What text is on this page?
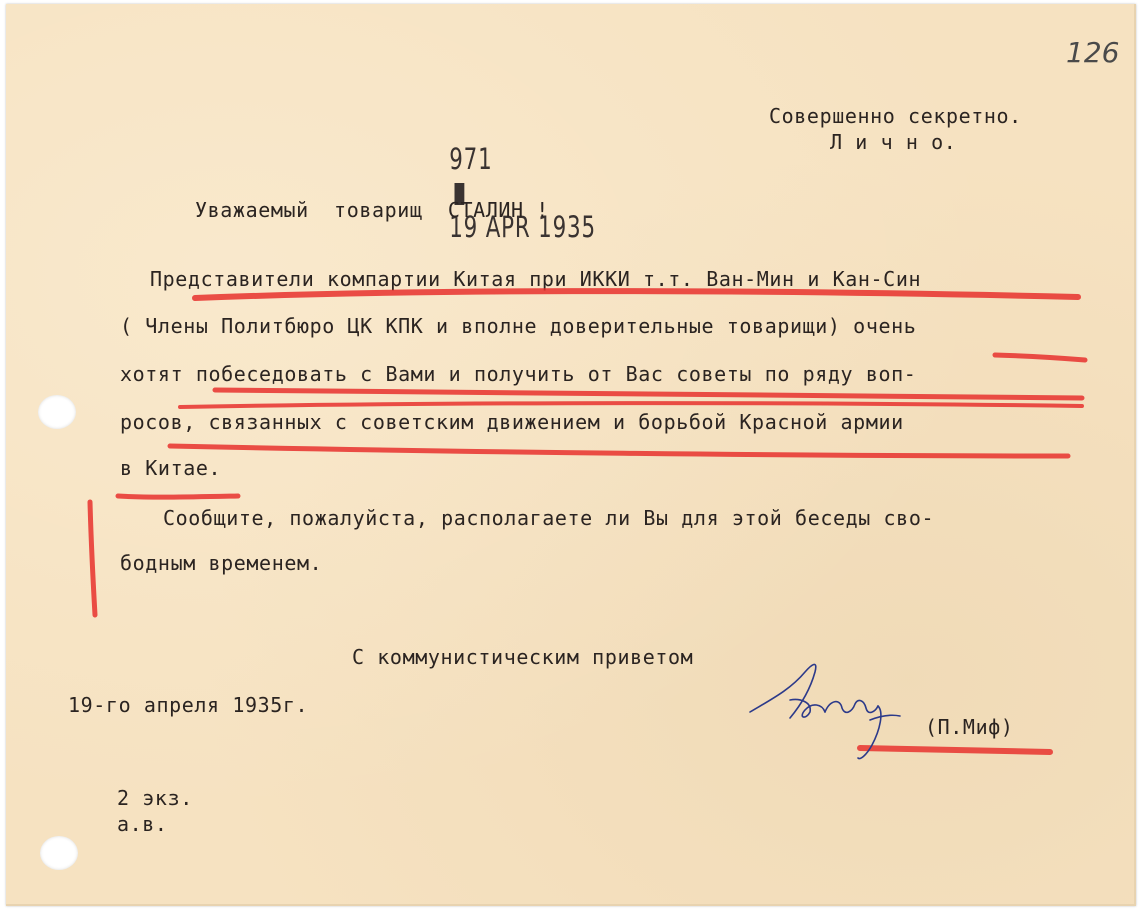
126

971

19 APR 1935

Совершенно секретно.
Л и ч н о.
Уважаемый  товарищ  СТАЛИН !
Представители компартии Китая при ИККИ т.т. Ван-Мин и Кан-Син
( Члены Политбюро ЦК КПК и вполне доверительные товарищи) очень
хотят побеседовать с Вами и получить от Вас советы по ряду воп-
росов, связанных с советским движением и борьбой Красной армии
в Китае.
Сообщите, пожалуйста, располагаете ли Вы для этой беседы сво-
бодным временем.
С коммунистическим приветом
19-го апреля 1935г.
(П.Миф)
2 экз.
а.в.
